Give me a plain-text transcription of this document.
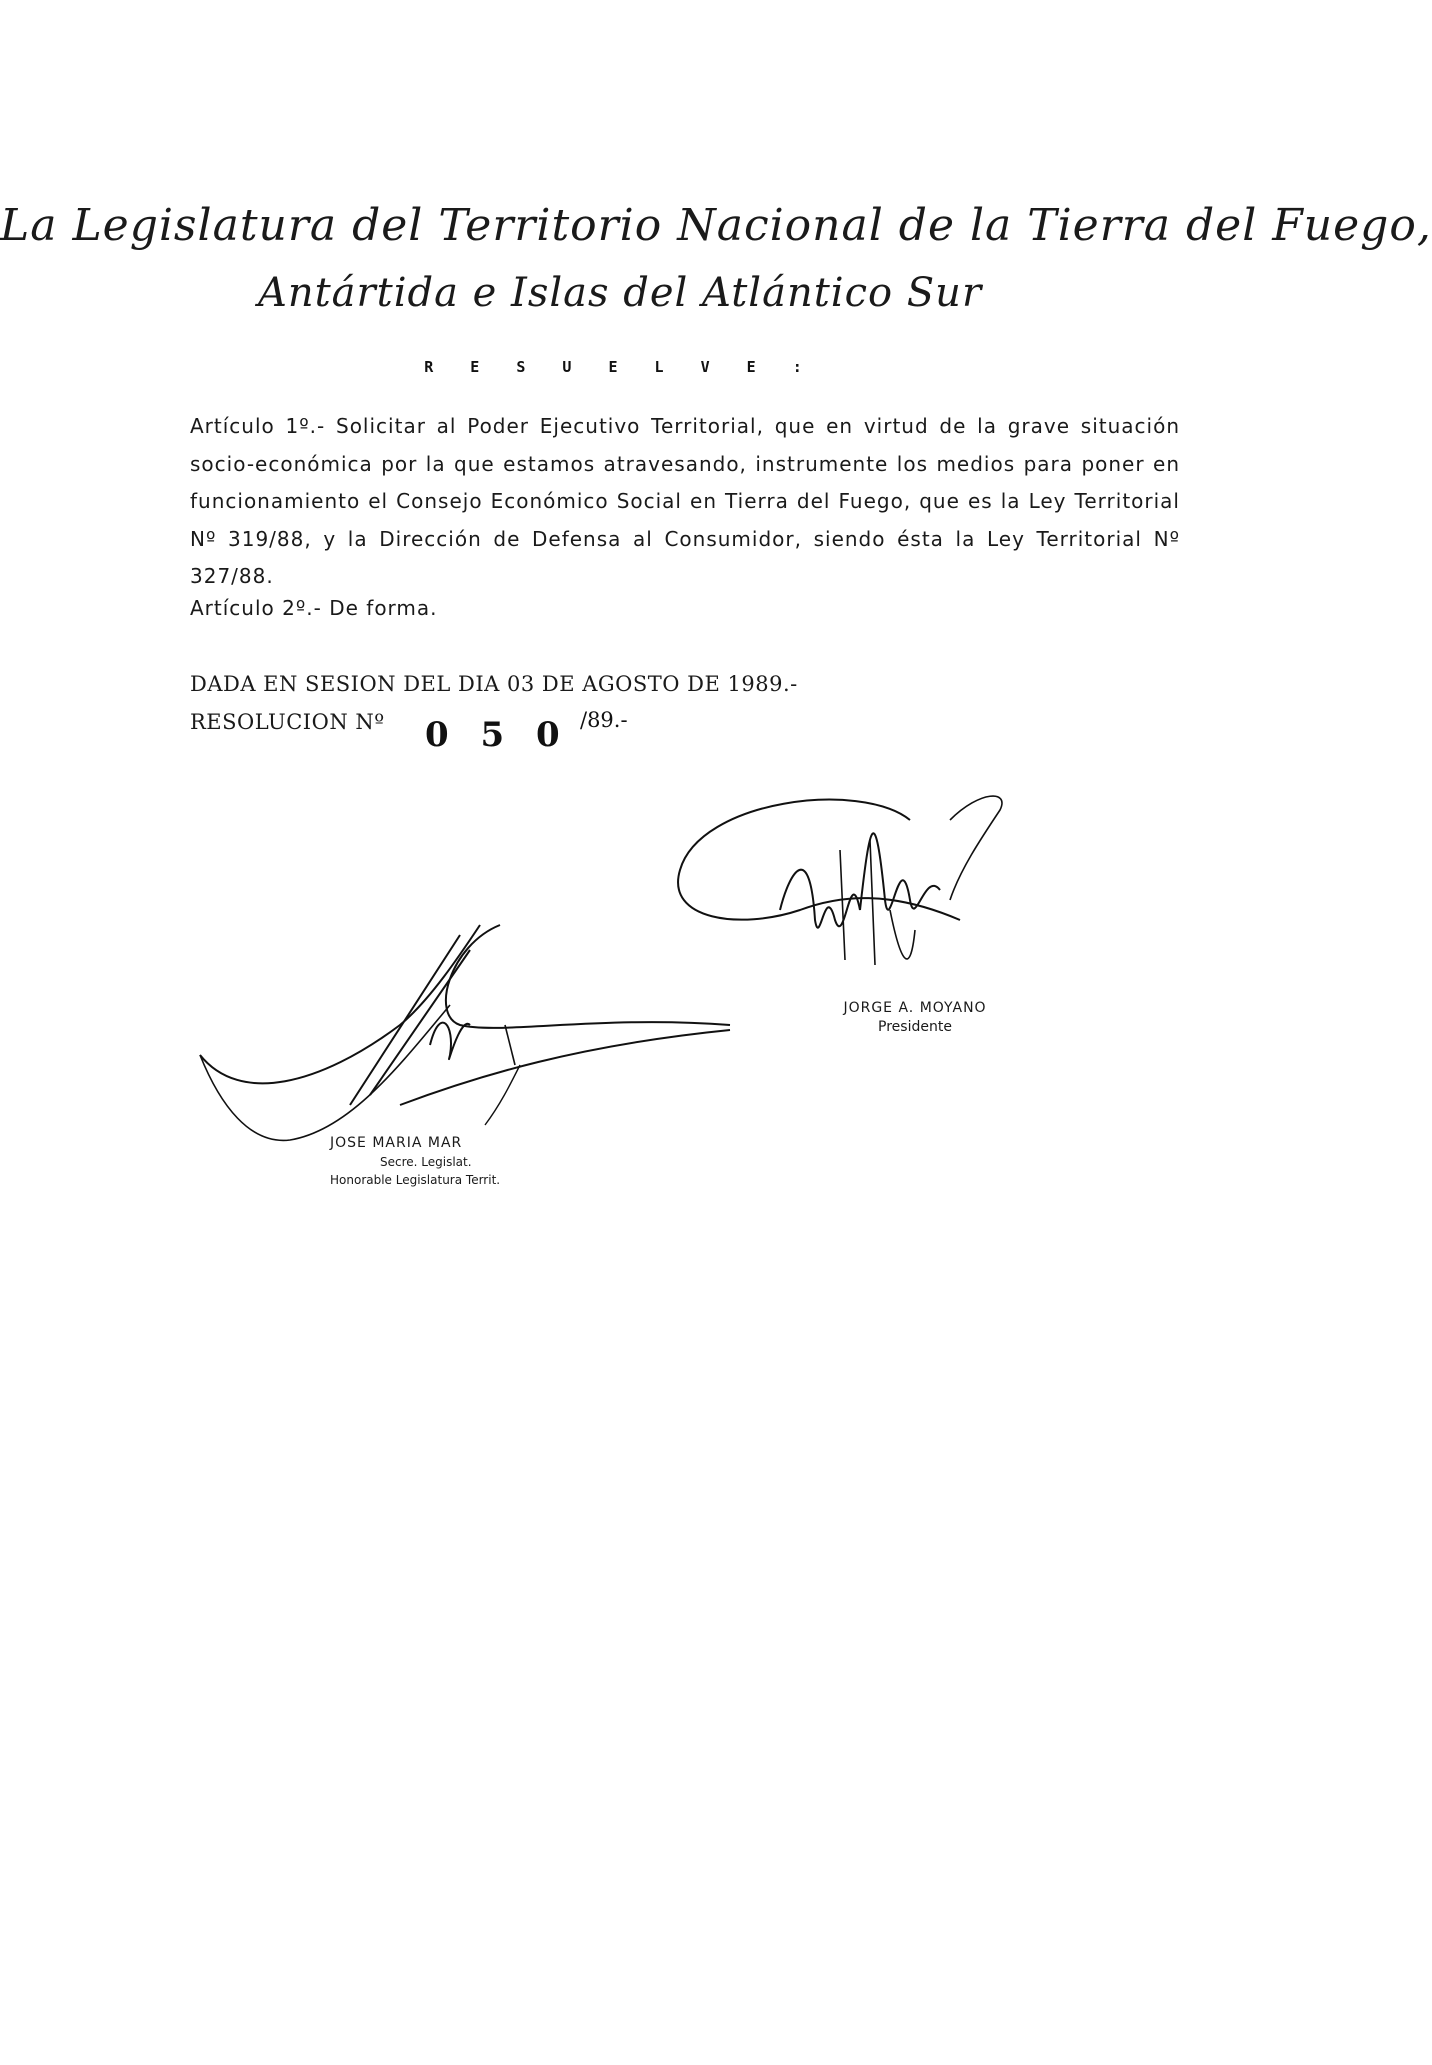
La Legislatura del Territorio Nacional de la Tierra del Fuego,
Antártida e Islas del Atlántico Sur
R E S U E L V E :
Artículo 1º.- Solicitar al Poder Ejecutivo Territorial, que en virtud de la grave situación socio-económica por la que estamos atravesando, instrumente los medios para poner en funcionamiento el Consejo Económico Social en Tierra del Fuego, que es la Ley Territorial Nº 319/88, y la Dirección de Defensa al Consumidor, siendo ésta la Ley Territorial Nº 327/88.
Artículo 2º.- De forma.
DADA EN SESION DEL DIA 03 DE AGOSTO DE 1989.-
RESOLUCION Nº 0 5 0 /89.-
JORGE A. MOYANO
Presidente
JOSE MARIA MAR
Secre. Legislat.
Honorable Legislatura Territ.
